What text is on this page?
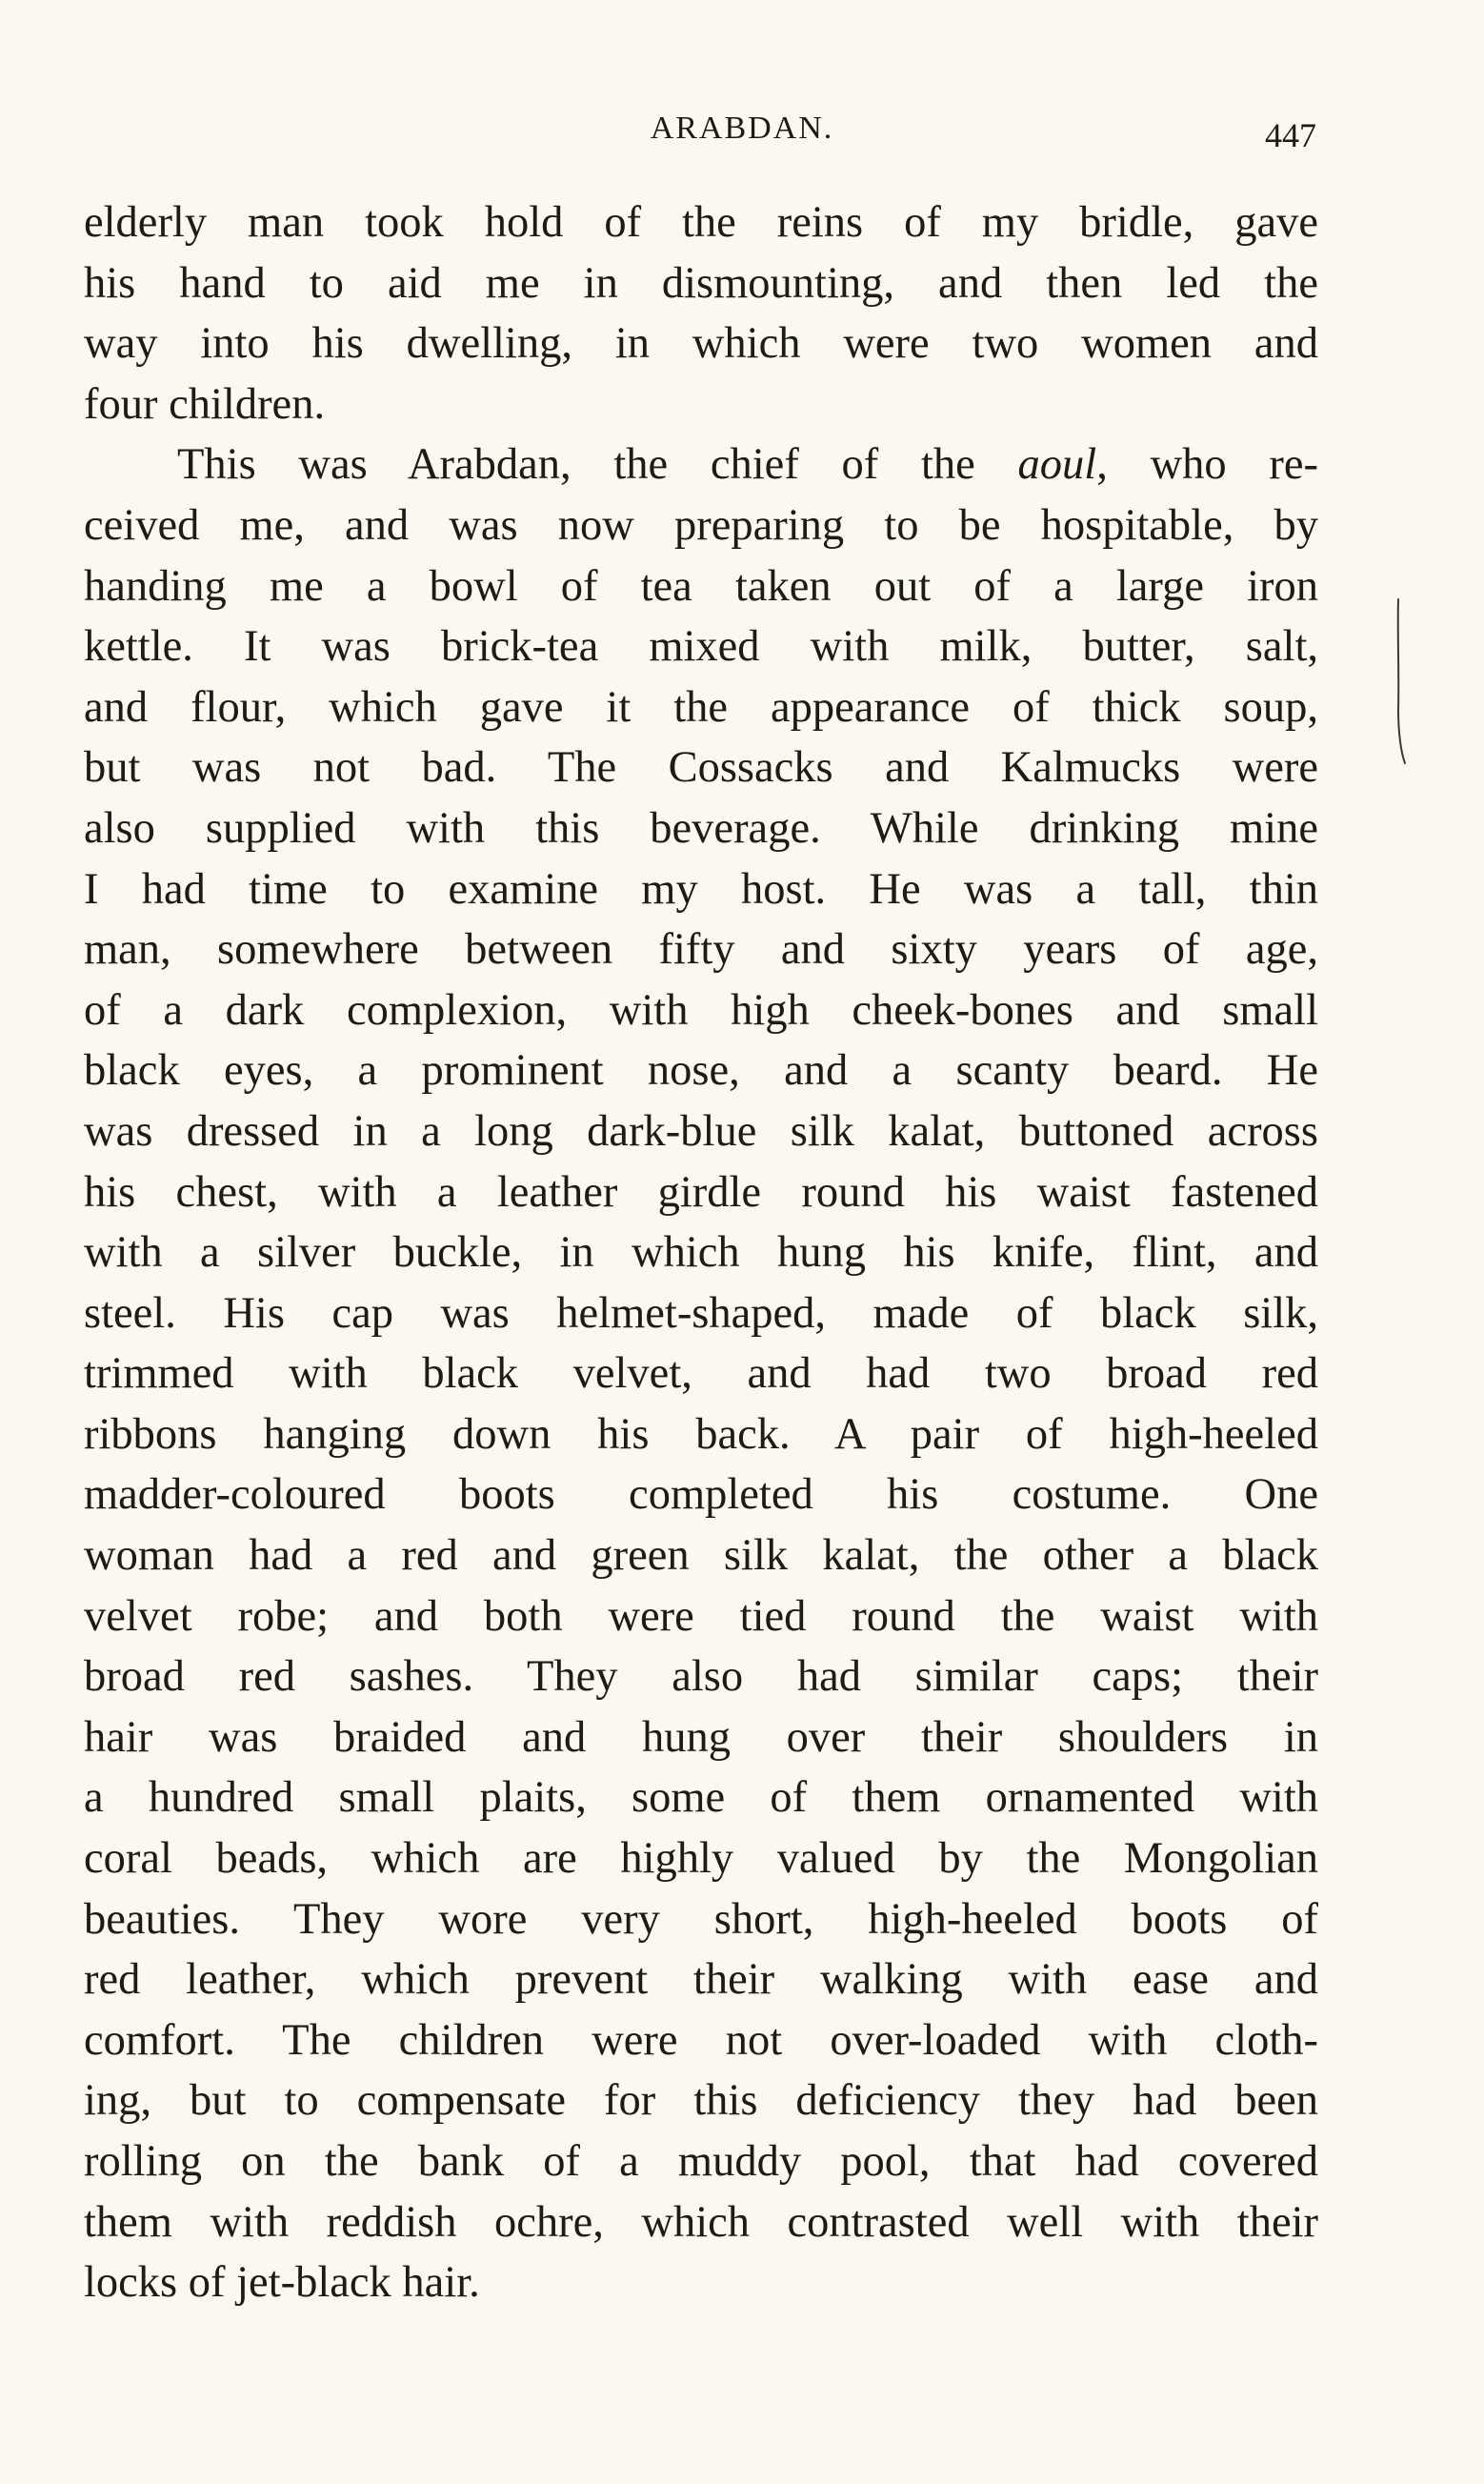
ARABDAN.	447
elderly man took hold of the reins of my bridle, gave
his hand to aid me in dismounting, and then led the
way into his dwelling, in which were two women and
four children.
This was Arabdan, the chief of the aoul, who re-
ceived me, and was now preparing to be hospitable, by
handing me a bowl of tea taken out of a large iron
kettle. It was brick-tea mixed with milk, butter, salt,
and flour, which gave it the appearance of thick soup,
but was not bad. The Cossacks and Kalmucks were
also supplied with this beverage. While drinking mine
I had time to examine my host. He was a tall, thin
man, somewhere between fifty and sixty years of age,
of a dark complexion, with high cheek-bones and small
black eyes, a prominent nose, and a scanty beard. He
was dressed in a long dark-blue silk kalat, buttoned across
his chest, with a leather girdle round his waist fastened
with a silver buckle, in which hung his knife, flint, and
steel. His cap was helmet-shaped, made of black silk,
trimmed with black velvet, and had two broad red
ribbons hanging down his back. A pair of high-heeled
madder-coloured boots completed his costume. One
woman had a red and green silk kalat, the other a black
velvet robe; and both were tied round the waist with
broad red sashes. They also had similar caps; their
hair was braided and hung over their shoulders in
a hundred small plaits, some of them ornamented with
coral beads, which are highly valued by the Mongolian
beauties. They wore very short, high-heeled boots of
red leather, which prevent their walking with ease and
comfort. The children were not over-loaded with cloth-
ing, but to compensate for this deficiency they had been
rolling on the bank of a muddy pool, that had covered
them with reddish ochre, which contrasted well with their
locks of jet-black hair.
